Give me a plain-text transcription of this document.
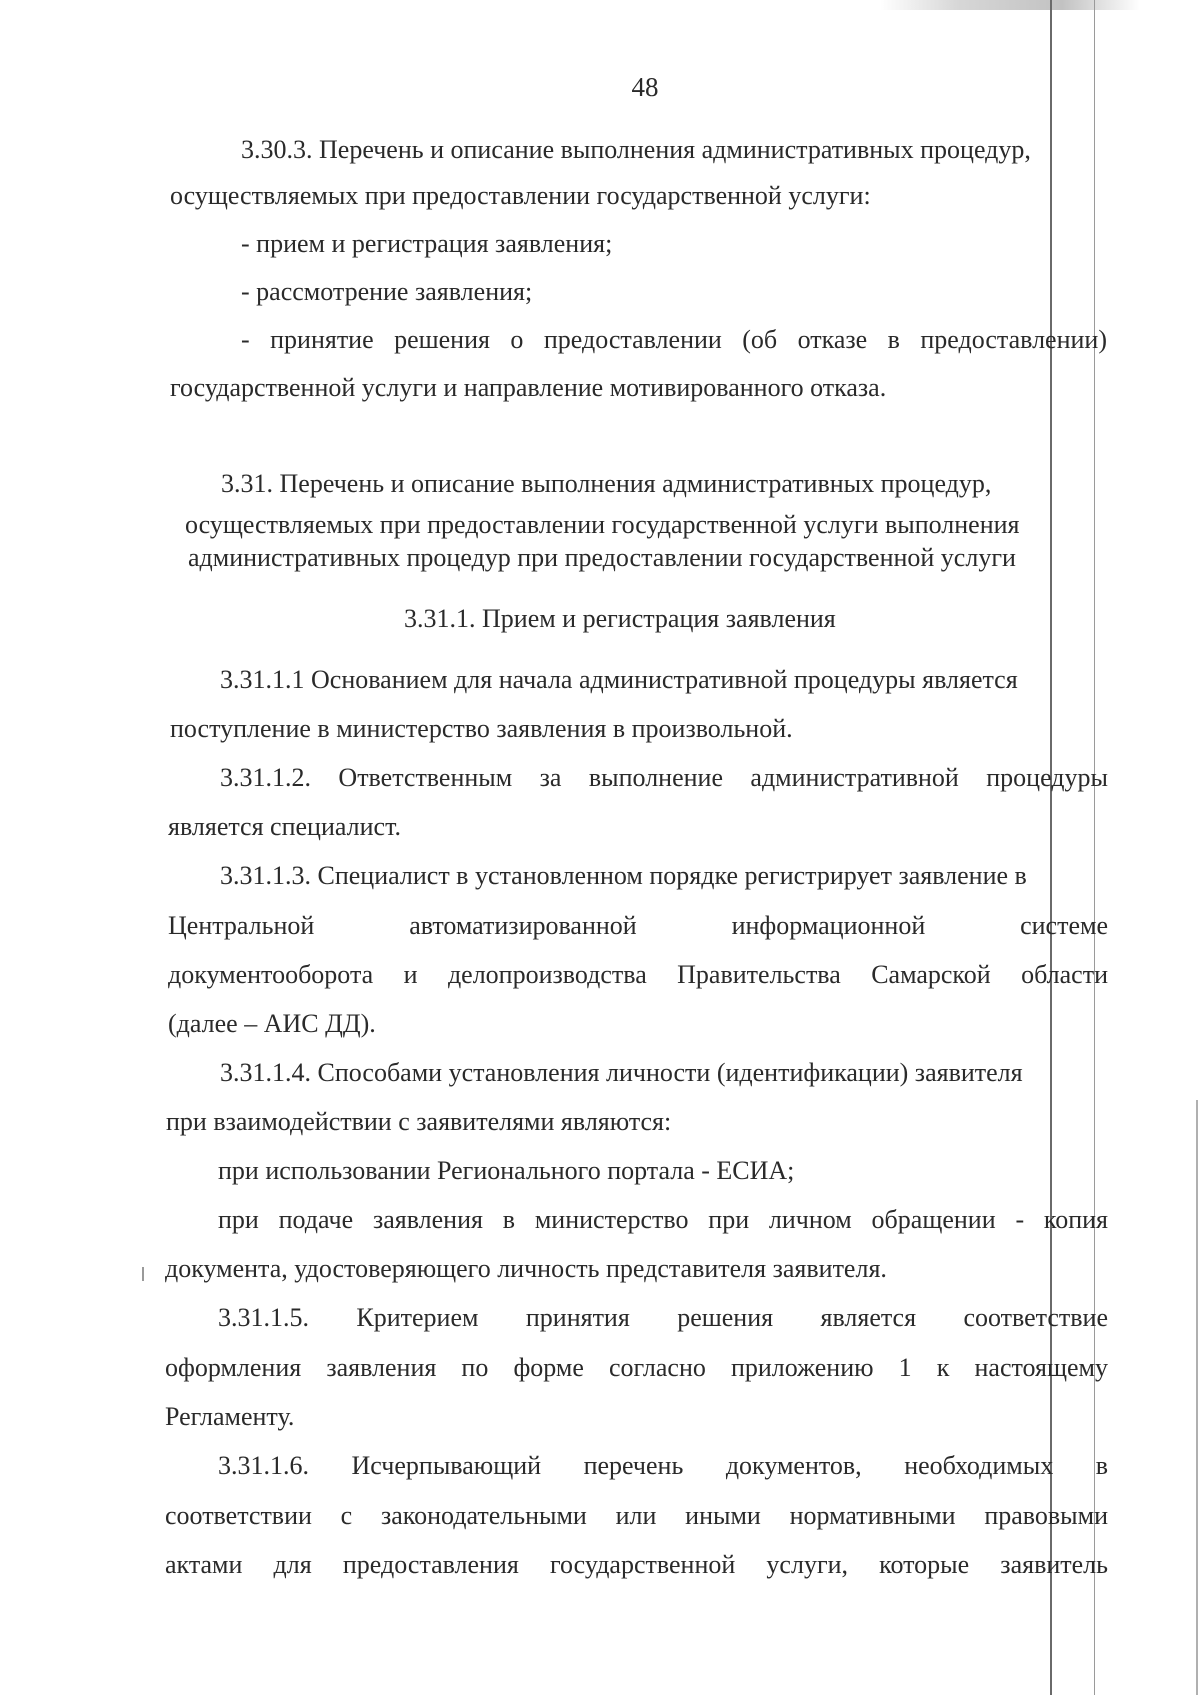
48
3.30.3. Перечень и описание выполнения административных процедур,
осуществляемых при предоставлении государственной услуги:
- прием и регистрация заявления;
- рассмотрение заявления;
- принятие решения о предоставлении (об отказе в предоставлении)
государственной услуги и направление мотивированного отказа.
3.31. Перечень и описание выполнения административных процедур,
осуществляемых при предоставлении государственной услуги выполнения
административных процедур при предоставлении государственной услуги
3.31.1. Прием и регистрация заявления
3.31.1.1 Основанием для начала административной процедуры является
поступление в министерство заявления в произвольной.
3.31.1.2. Ответственным за выполнение административной процедуры
является специалист.
3.31.1.3. Специалист в установленном порядке регистрирует заявление в
Центральной автоматизированной информационной системе
документооборота и делопроизводства Правительства Самарской области
(далее – АИС ДД).
3.31.1.4. Способами установления личности (идентификации) заявителя
при взаимодействии с заявителями являются:
при использовании Регионального портала - ЕСИА;
при подаче заявления в министерство при личном обращении - копия
документа, удостоверяющего личность представителя заявителя.
3.31.1.5. Критерием принятия решения является соответствие
оформления заявления по форме согласно приложению 1 к настоящему
Регламенту.
3.31.1.6. Исчерпывающий перечень документов, необходимых в
соответствии с законодательными или иными нормативными правовыми
актами для предоставления государственной услуги, которые заявитель
